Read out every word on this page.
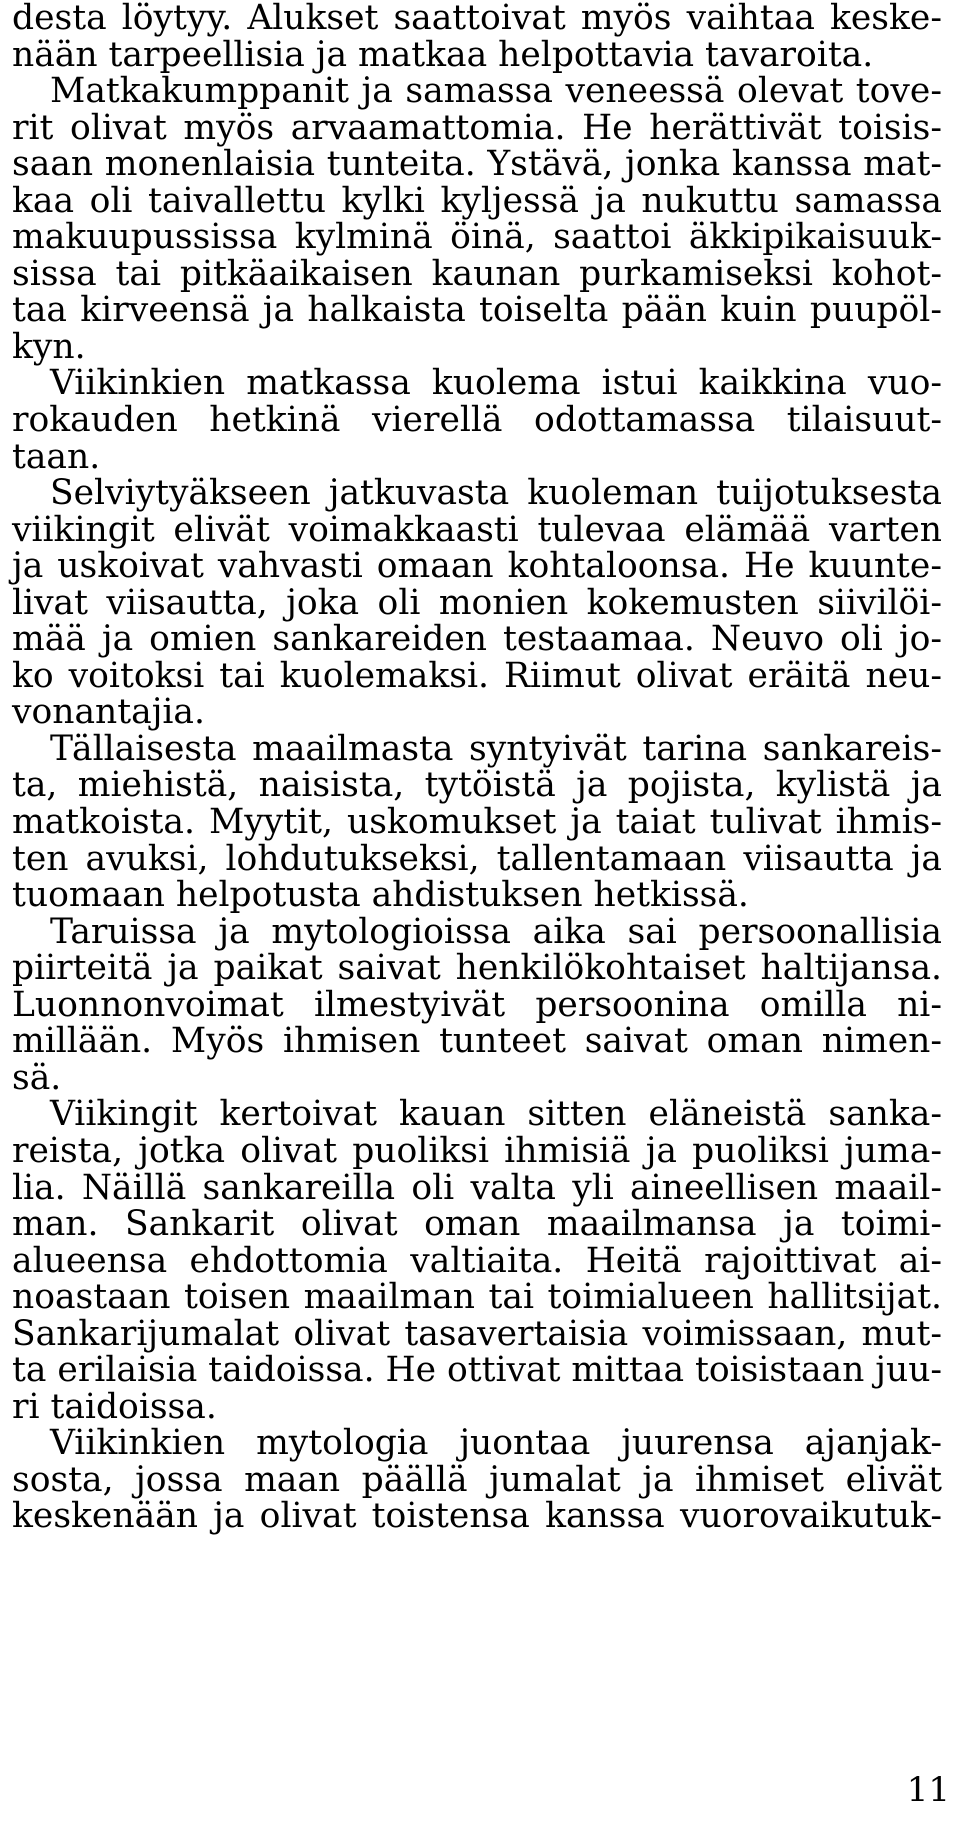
desta löytyy. Alukset saattoivat myös vaihtaa keske-
nään tarpeellisia ja matkaa helpottavia tavaroita.
Matkakumppanit ja samassa veneessä olevat tove-
rit olivat myös arvaamattomia. He herättivät toisis-
saan monenlaisia tunteita. Ystävä, jonka kanssa mat-
kaa oli taivallettu kylki kyljessä ja nukuttu samassa
makuupussissa kylminä öinä, saattoi äkkipikaisuuk-
sissa tai pitkäaikaisen kaunan purkamiseksi kohot-
taa kirveensä ja halkaista toiselta pään kuin puupöl-
kyn.
Viikinkien matkassa kuolema istui kaikkina vuo-
rokauden hetkinä vierellä odottamassa tilaisuut-
taan.
Selviytyäkseen jatkuvasta kuoleman tuijotuksesta
viikingit elivät voimakkaasti tulevaa elämää varten
ja uskoivat vahvasti omaan kohtaloonsa. He kuunte-
livat viisautta, joka oli monien kokemusten siivilöi-
mää ja omien sankareiden testaamaa. Neuvo oli jo-
ko voitoksi tai kuolemaksi. Riimut olivat eräitä neu-
vonantajia.
Tällaisesta maailmasta syntyivät tarina sankareis-
ta, miehistä, naisista, tytöistä ja pojista, kylistä ja
matkoista. Myytit, uskomukset ja taiat tulivat ihmis-
ten avuksi, lohdutukseksi, tallentamaan viisautta ja
tuomaan helpotusta ahdistuksen hetkissä.
Taruissa ja mytologioissa aika sai persoonallisia
piirteitä ja paikat saivat henkilökohtaiset haltijansa.
Luonnonvoimat ilmestyivät persoonina omilla ni-
millään. Myös ihmisen tunteet saivat oman nimen-
sä.
Viikingit kertoivat kauan sitten eläneistä sanka-
reista, jotka olivat puoliksi ihmisiä ja puoliksi juma-
lia. Näillä sankareilla oli valta yli aineellisen maail-
man. Sankarit olivat oman maailmansa ja toimi-
alueensa ehdottomia valtiaita. Heitä rajoittivat ai-
noastaan toisen maailman tai toimialueen hallitsijat.
Sankarijumalat olivat tasavertaisia voimissaan, mut-
ta erilaisia taidoissa. He ottivat mittaa toisistaan juu-
ri taidoissa.
Viikinkien mytologia juontaa juurensa ajanjak-
sosta, jossa maan päällä jumalat ja ihmiset elivät
keskenään ja olivat toistensa kanssa vuorovaikutuk-
11
